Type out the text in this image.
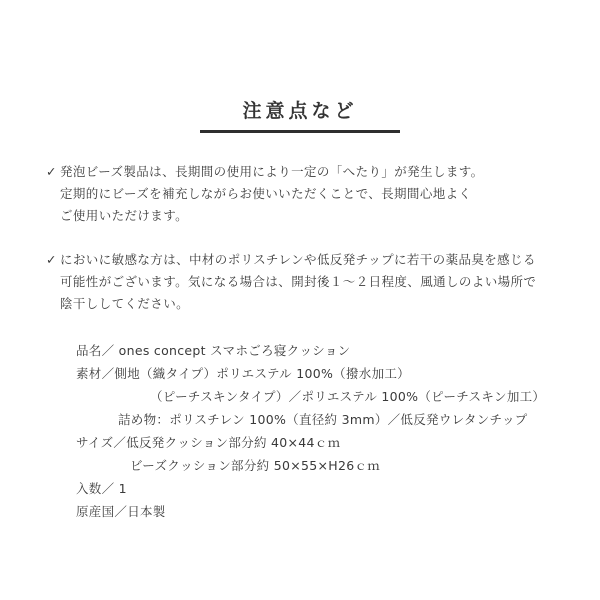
注意点など
✓ 発泡ビーズ製品は、長期間の使用により一定の「へたり」が発生します。
定期的にビーズを補充しながらお使いいただくことで、長期間心地よく
ご使用いただけます。
✓ においに敏感な方は、中材のポリスチレンや低反発チップに若干の薬品臭を感じる
可能性がございます。気になる場合は、開封後１～２日程度、風通しのよい場所で
陰干ししてください。
品名／ ones concept スマホごろ寝クッション
素材／側地（織タイプ）ポリエステル 100%（撥水加工）
（ピーチスキンタイプ）／ポリエステル 100%（ピーチスキン加工）
詰め物：ポリスチレン 100%（直径約 3mm）／低反発ウレタンチップ
サイズ／低反発クッション部分約 40×44ｃｍ
ビーズクッション部分約 50×55×H26ｃｍ
入数／ 1
原産国／日本製
